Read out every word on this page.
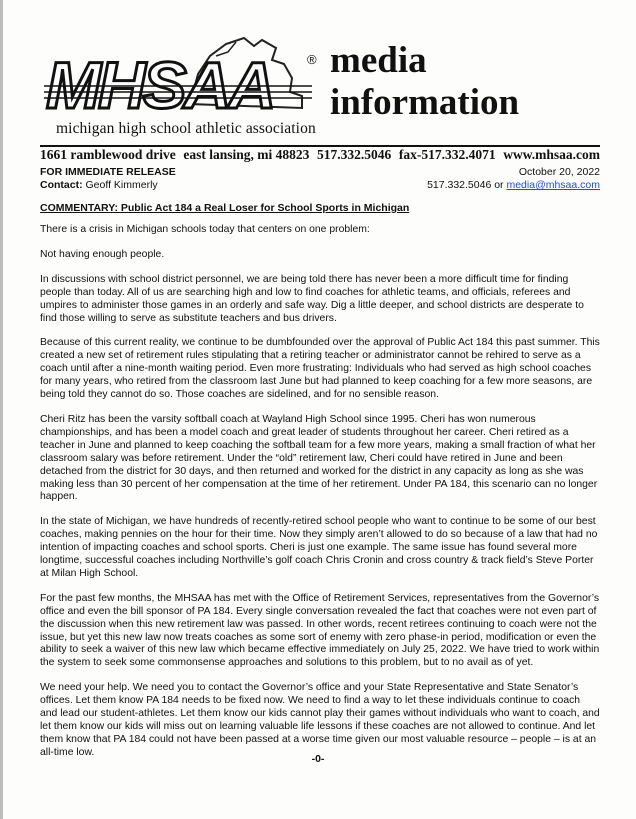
MHSAA	®
michigan high school athletic association
media
information
1661 ramblewood drive east lansing, mi 48823 517.332.5046 fax-517.332.4071 www.mhsaa.com
FOR IMMEDIATE RELEASE	October 20, 2022
Contact: Geoff Kimmerly	517.332.5046 or media@mhsaa.com
COMMENTARY: Public Act 184 a Real Loser for School Sports in Michigan

There is a crisis in Michigan schools today that centers on one problem:

Not having enough people.

In discussions with school district personnel, we are being told there has never been a more difficult time for finding people than today. All of us are searching high and low to find coaches for athletic teams, and officials, referees and umpires to administer those games in an orderly and safe way. Dig a little deeper, and school districts are desperate to find those willing to serve as substitute teachers and bus drivers.

Because of this current reality, we continue to be dumbfounded over the approval of Public Act 184 this past summer. This created a new set of retirement rules stipulating that a retiring teacher or administrator cannot be rehired to serve as a coach until after a nine-month waiting period. Even more frustrating: Individuals who had served as high school coaches for many years, who retired from the classroom last June but had planned to keep coaching for a few more seasons, are being told they cannot do so. Those coaches are sidelined, and for no sensible reason.

Cheri Ritz has been the varsity softball coach at Wayland High School since 1995. Cheri has won numerous championships, and has been a model coach and great leader of students throughout her career. Cheri retired as a teacher in June and planned to keep coaching the softball team for a few more years, making a small fraction of what her classroom salary was before retirement. Under the “old” retirement law, Cheri could have retired in June and been detached from the district for 30 days, and then returned and worked for the district in any capacity as long as she was making less than 30 percent of her compensation at the time of her retirement. Under PA 184, this scenario can no longer happen.

In the state of Michigan, we have hundreds of recently-retired school people who want to continue to be some of our best coaches, making pennies on the hour for their time. Now they simply aren’t allowed to do so because of a law that had no intention of impacting coaches and school sports. Cheri is just one example. The same issue has found several more longtime, successful coaches including Northville’s golf coach Chris Cronin and cross country & track field’s Steve Porter at Milan High School.

For the past few months, the MHSAA has met with the Office of Retirement Services, representatives from the Governor’s office and even the bill sponsor of PA 184. Every single conversation revealed the fact that coaches were not even part of the discussion when this new retirement law was passed. In other words, recent retirees continuing to coach were not the issue, but yet this new law now treats coaches as some sort of enemy with zero phase-in period, modification or even the ability to seek a waiver of this new law which became effective immediately on July 25, 2022. We have tried to work within the system to seek some commonsense approaches and solutions to this problem, but to no avail as of yet.

We need your help. We need you to contact the Governor’s office and your State Representative and State Senator’s offices. Let them know PA 184 needs to be fixed now. We need to find a way to let these individuals continue to coach and lead our student-athletes. Let them know our kids cannot play their games without individuals who want to coach, and let them know our kids will miss out on learning valuable life lessons if these coaches are not allowed to continue. And let them know that PA 184 could not have been passed at a worse time given our most valuable resource – people – is at an all-time low.

-0-
